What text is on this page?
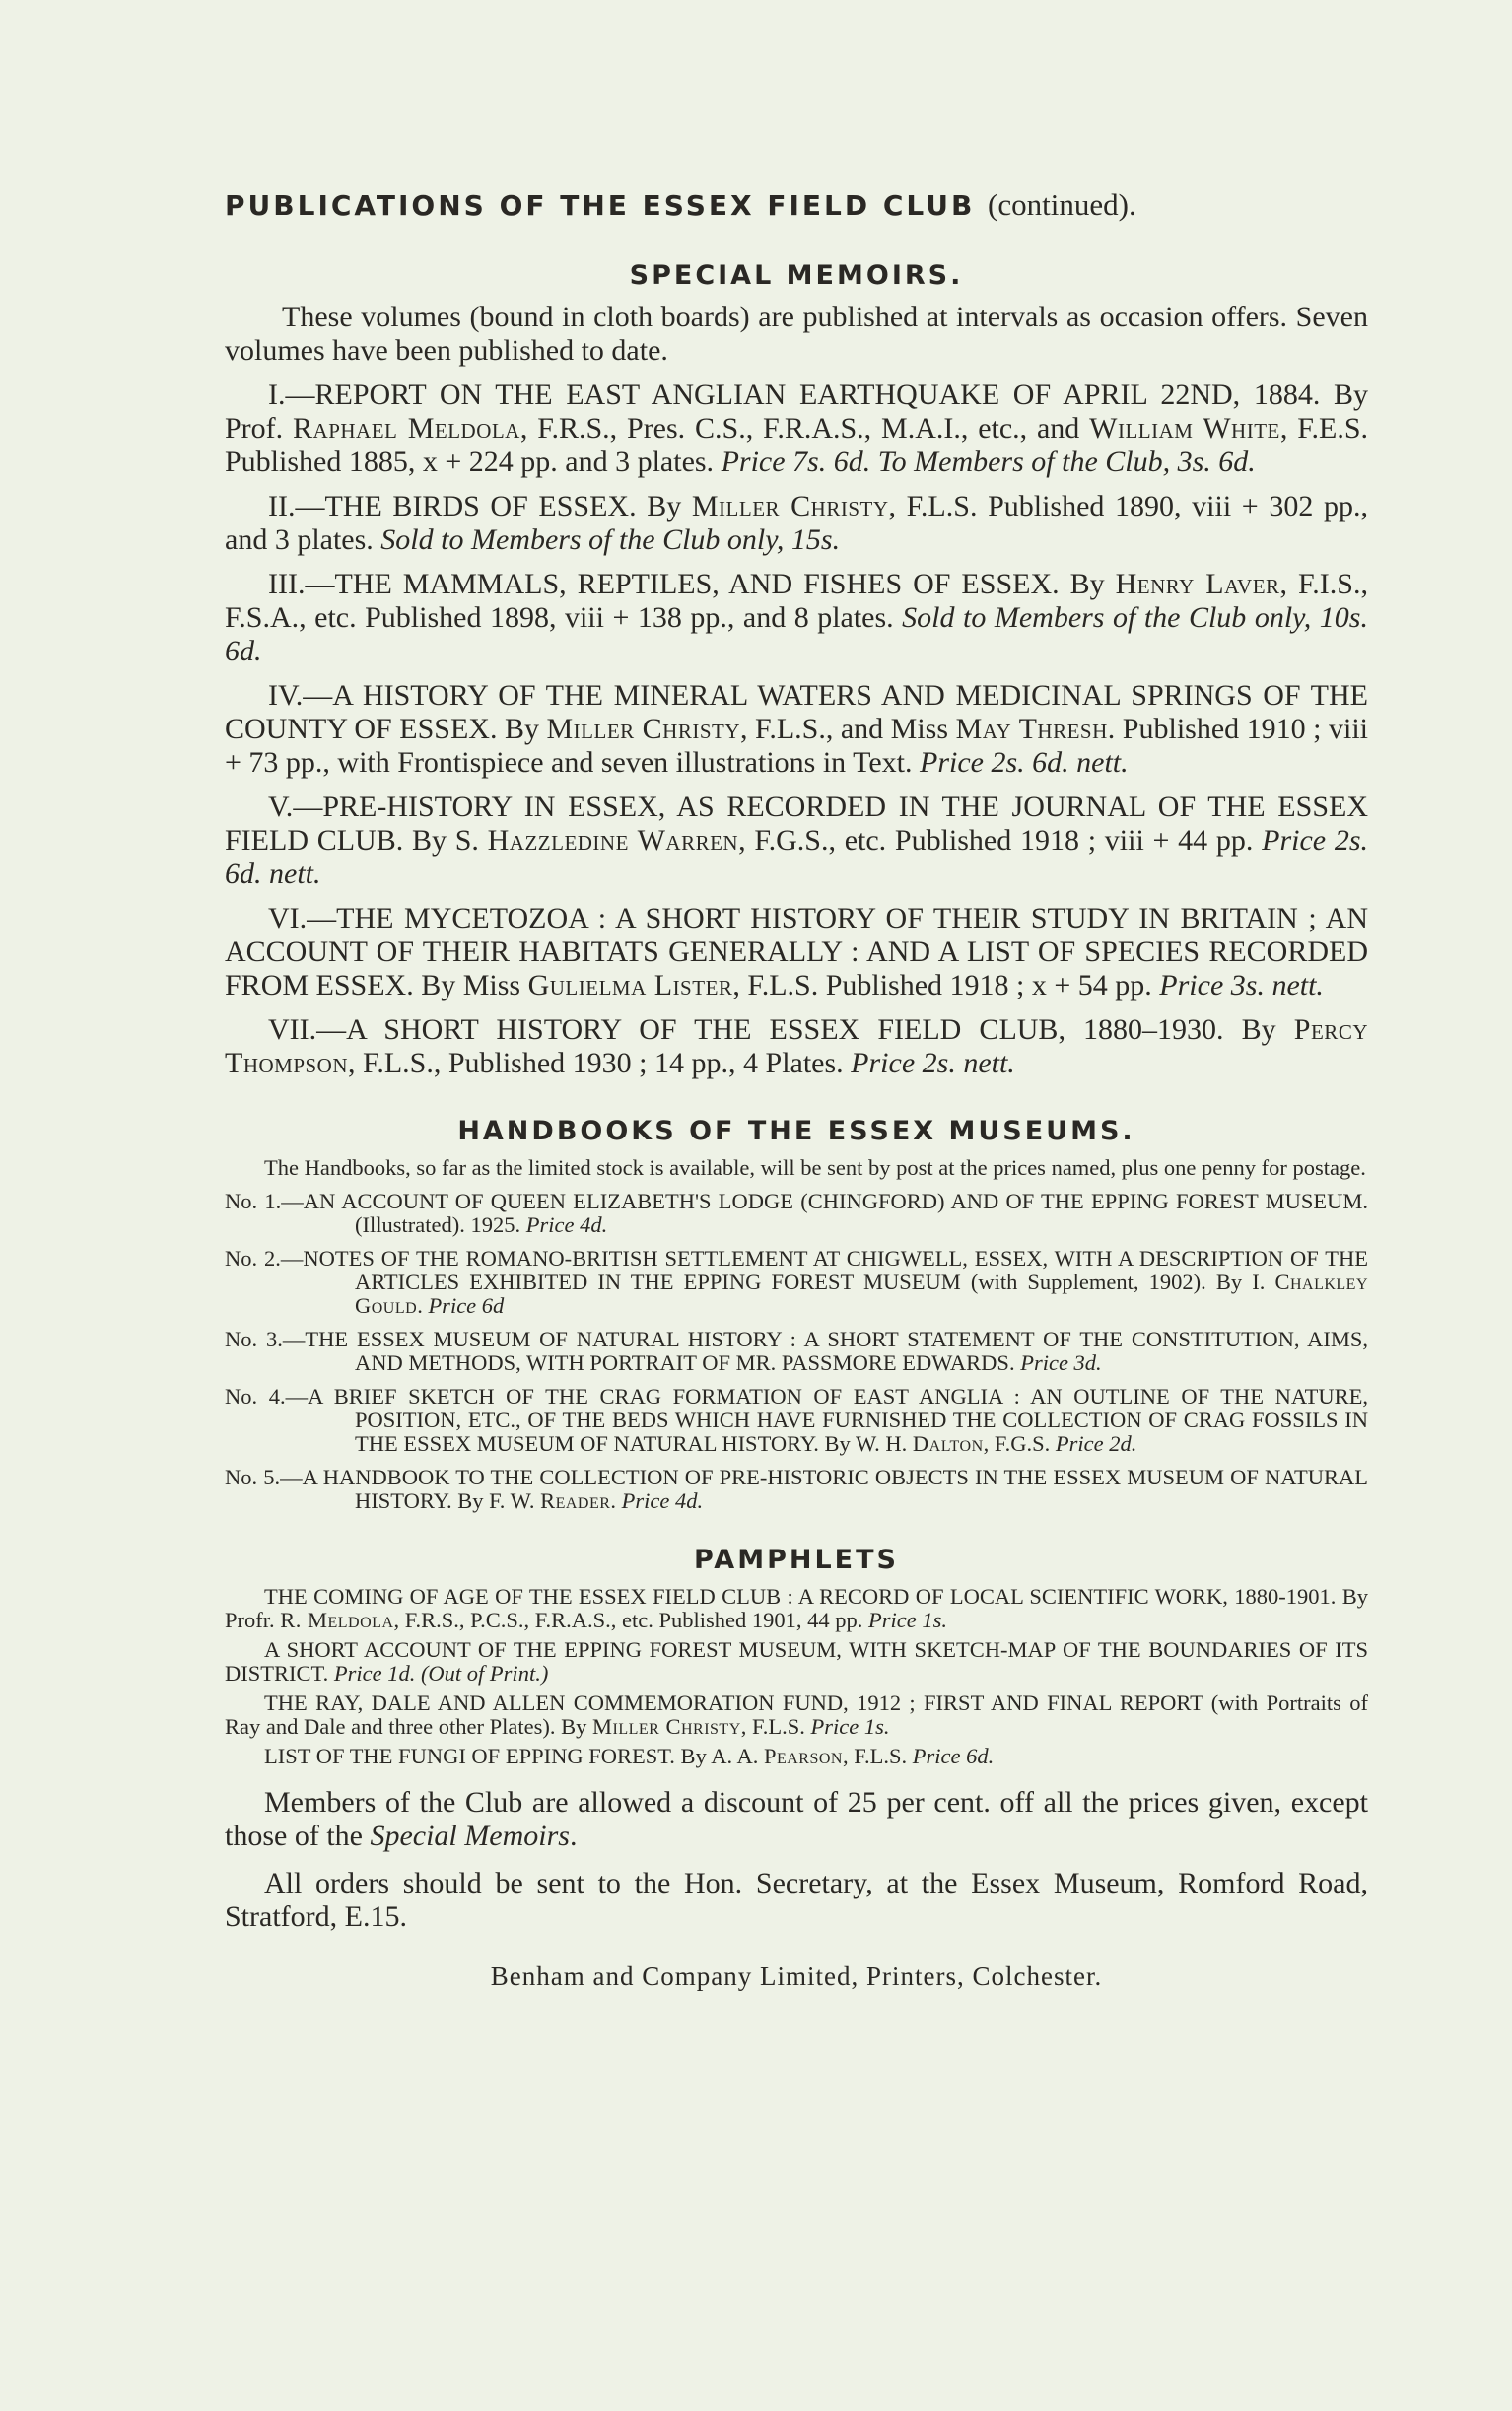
PUBLICATIONS OF THE ESSEX FIELD CLUB (continued).
SPECIAL MEMOIRS.

These volumes (bound in cloth boards) are published at intervals as occasion offers. Seven volumes have been published to date.

I.—REPORT ON THE EAST ANGLIAN EARTHQUAKE OF APRIL 22ND, 1884. By Prof. Raphael Meldola, F.R.S., Pres. C.S., F.R.A.S., M.A.I., etc., and William White, F.E.S. Published 1885, x + 224 pp. and 3 plates. Price 7s. 6d. To Members of the Club, 3s. 6d.

II.—THE BIRDS OF ESSEX. By Miller Christy, F.L.S. Published 1890, viii + 302 pp., and 3 plates. Sold to Members of the Club only, 15s.

III.—THE MAMMALS, REPTILES, AND FISHES OF ESSEX. By Henry Laver, F.I.S., F.S.A., etc. Published 1898, viii + 138 pp., and 8 plates. Sold to Members of the Club only, 10s. 6d.

IV.—A HISTORY OF THE MINERAL WATERS AND MEDICINAL SPRINGS OF THE COUNTY OF ESSEX. By Miller Christy, F.L.S., and Miss May Thresh. Published 1910 ; viii + 73 pp., with Frontispiece and seven illustrations in Text. Price 2s. 6d. nett.

V.—PRE-HISTORY IN ESSEX, AS RECORDED IN THE JOURNAL OF THE ESSEX FIELD CLUB. By S. Hazzledine Warren, F.G.S., etc. Published 1918 ; viii + 44 pp. Price 2s. 6d. nett.

VI.—THE MYCETOZOA : A SHORT HISTORY OF THEIR STUDY IN BRITAIN ; AN ACCOUNT OF THEIR HABITATS GENERALLY : AND A LIST OF SPECIES RECORDED FROM ESSEX. By Miss Gulielma Lister, F.L.S. Published 1918 ; x + 54 pp. Price 3s. nett.

VII.—A SHORT HISTORY OF THE ESSEX FIELD CLUB, 1880–1930. By Percy Thompson, F.L.S., Published 1930 ; 14 pp., 4 Plates. Price 2s. nett.

HANDBOOKS OF THE ESSEX MUSEUMS.

The Handbooks, so far as the limited stock is available, will be sent by post at the prices named, plus one penny for postage.

No. 1.—AN ACCOUNT OF QUEEN ELIZABETH'S LODGE (CHINGFORD) AND OF THE EPPING FOREST MUSEUM. (Illustrated). 1925. Price 4d.

No. 2.—NOTES OF THE ROMANO-BRITISH SETTLEMENT AT CHIGWELL, ESSEX, WITH A DESCRIPTION OF THE ARTICLES EXHIBITED IN THE EPPING FOREST MUSEUM (with Supplement, 1902). By I. Chalkley Gould. Price 6d

No. 3.—THE ESSEX MUSEUM OF NATURAL HISTORY : A SHORT STATEMENT OF THE CONSTITUTION, AIMS, AND METHODS, WITH PORTRAIT OF MR. PASSMORE EDWARDS. Price 3d.

No. 4.—A BRIEF SKETCH OF THE CRAG FORMATION OF EAST ANGLIA : AN OUTLINE OF THE NATURE, POSITION, ETC., OF THE BEDS WHICH HAVE FURNISHED THE COLLECTION OF CRAG FOSSILS IN THE ESSEX MUSEUM OF NATURAL HISTORY. By W. H. Dalton, F.G.S. Price 2d.

No. 5.—A HANDBOOK TO THE COLLECTION OF PRE-HISTORIC OBJECTS IN THE ESSEX MUSEUM OF NATURAL HISTORY. By F. W. Reader. Price 4d.

PAMPHLETS

THE COMING OF AGE OF THE ESSEX FIELD CLUB : A RECORD OF LOCAL SCIENTIFIC WORK, 1880-1901. By Profr. R. Meldola, F.R.S., P.C.S., F.R.A.S., etc. Published 1901, 44 pp. Price 1s.

A SHORT ACCOUNT OF THE EPPING FOREST MUSEUM, WITH SKETCH-MAP OF THE BOUNDARIES OF ITS DISTRICT. Price 1d. (Out of Print.)

THE RAY, DALE AND ALLEN COMMEMORATION FUND, 1912 ; FIRST AND FINAL REPORT (with Portraits of Ray and Dale and three other Plates). By Miller Christy, F.L.S. Price 1s.

LIST OF THE FUNGI OF EPPING FOREST. By A. A. Pearson, F.L.S. Price 6d.

Members of the Club are allowed a discount of 25 per cent. off all the prices given, except those of the Special Memoirs.

All orders should be sent to the Hon. Secretary, at the Essex Museum, Romford Road, Stratford, E.15.

Benham and Company Limited, Printers, Colchester.
